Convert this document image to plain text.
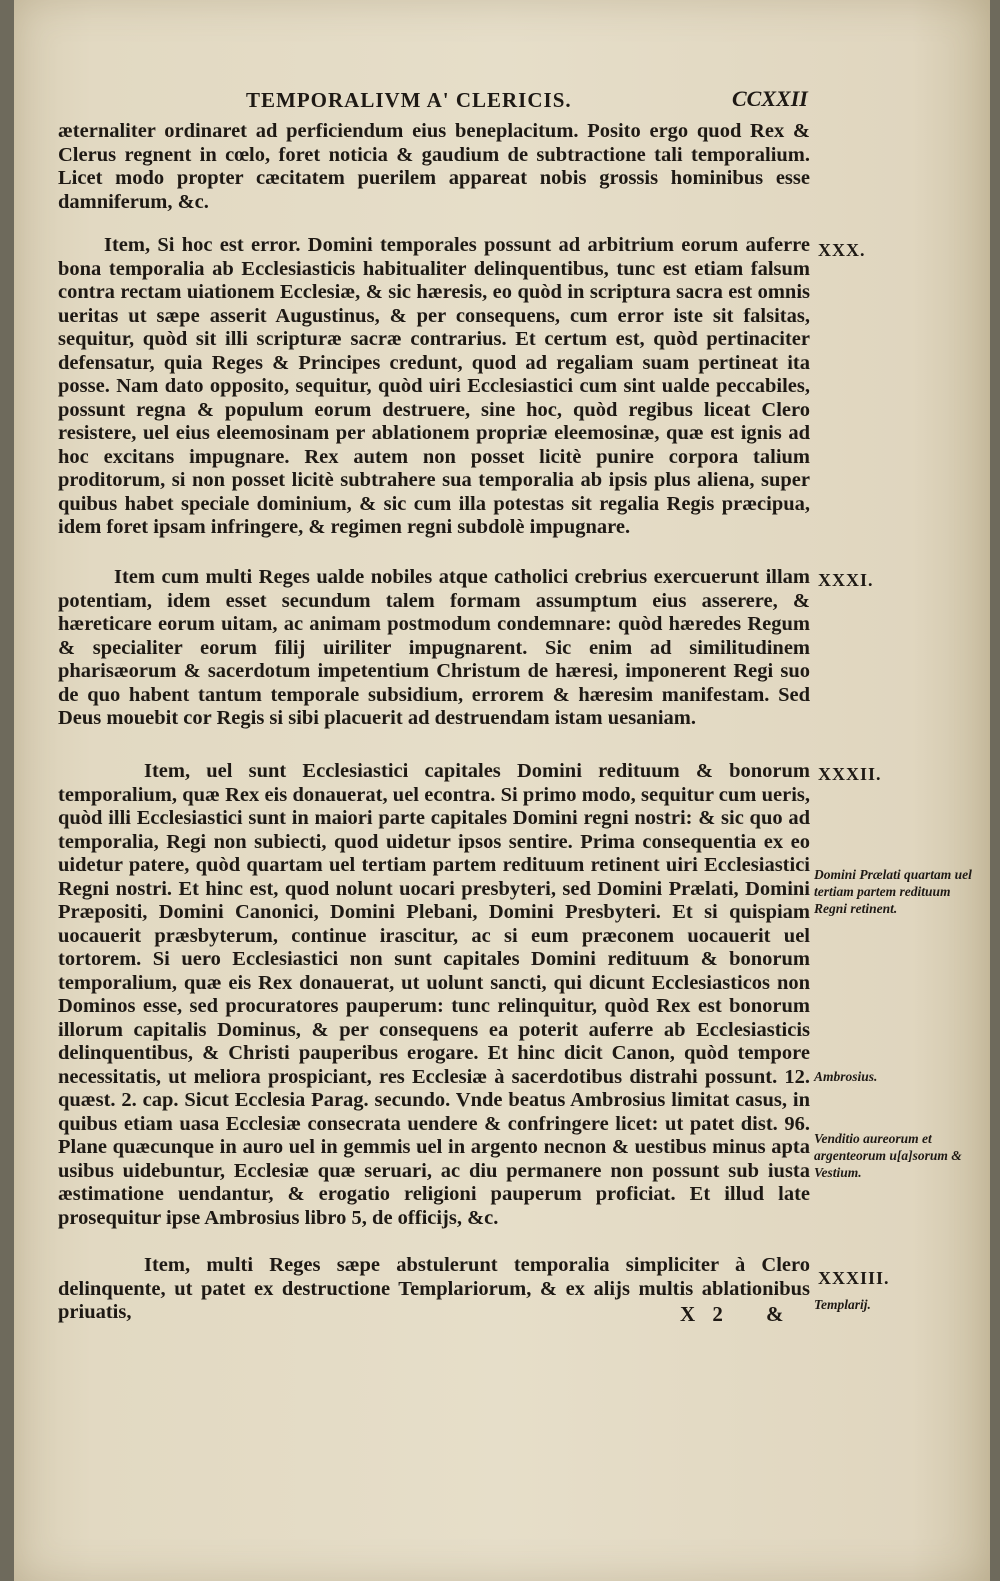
TEMPORALIVM A' CLERICIS.	CCXXII

æternaliter ordinaret ad perficiendum eius beneplacitum. Posito ergo quod Rex & Clerus regnent in cœlo, foret noticia & gaudium de subtractione tali temporalium. Licet modo propter cæcitatem puerilem appareat nobis grossis hominibus esse damniferum, &c.

XXX.

Item, Si hoc est error. Domini temporales possunt ad arbitrium eorum auferre bona temporalia ab Ecclesiasticis habitualiter delinquentibus, tunc est etiam falsum contra rectam uiationem Ecclesiæ, & sic hæresis, eo quòd in scriptura sacra est omnis ueritas ut sæpe asserit Augustinus, & per consequens, cum error iste sit falsitas, sequitur, quòd sit illi scripturæ sacræ contrarius. Et certum est, quòd pertinaciter defensatur, quia Reges & Principes credunt, quod ad regaliam suam pertineat ita posse. Nam dato opposito, sequitur, quòd uiri Ecclesiastici cum sint ualde peccabiles, possunt regna & populum eorum destruere, sine hoc, quòd regibus liceat Clero resistere, uel eius eleemosinam per ablationem propriæ eleemosinæ, quæ est ignis ad hoc excitans impugnare. Rex autem non posset licitè punire corpora talium proditorum, si non posset licitè subtrahere sua temporalia ab ipsis plus aliena, super quibus habet speciale dominium, & sic cum illa potestas sit regalia Regis præcipua, idem foret ipsam infringere, & regimen regni subdolè impugnare.

XXXI.

Item cum multi Reges ualde nobiles atque catholici crebrius exercuerunt illam potentiam, idem esset secundum talem formam assumptum eius asserere, & hæreticare eorum uitam, ac animam postmodum condemnare: quòd hæredes Regum & specialiter eorum filij uiriliter impugnarent. Sic enim ad similitudinem pharisæorum & sacerdotum impetentium Christum de hæresi, imponerent Regi suo de quo habent tantum temporale subsidium, errorem & hæresim manifestam. Sed Deus mouebit cor Regis si sibi placuerit ad destruendam istam uesaniam.

XXXII.

Item, uel sunt Ecclesiastici capitales Domini redituum & bonorum temporalium, quæ Rex eis donauerat, uel econtra. Si primo modo, sequitur cum ueris, quòd illi Ecclesiastici sunt in maiori parte capitales Domini regni nostri: & sic quo ad temporalia, Regi non subiecti, quod uidetur ipsos sentire. Prima consequentia ex eo uidetur patere, quòd quartam uel tertiam partem redituum retinent uiri Ecclesiastici Regni nostri. Et hinc est, quod nolunt uocari presbyteri, sed Domini Prælati, Domini Præpositi, Domini Canonici, Domini Plebani, Domini Presbyteri. Et si quispiam uocauerit præsbyterum, continue irascitur, ac si eum præconem uocauerit uel tortorem. Si uero Ecclesiastici non sunt capitales Domini redituum & bonorum temporalium, quæ eis Rex donauerat, ut uolunt sancti, qui dicunt Ecclesiasticos non Dominos esse, sed procuratores pauperum: tunc relinquitur, quòd Rex est bonorum illorum capitalis Dominus, & per consequens ea poterit auferre ab Ecclesiasticis delinquentibus, & Christi pauperibus erogare. Et hinc dicit Canon, quòd tempore necessitatis, ut meliora prospiciant, res Ecclesiæ à sacerdotibus distrahi possunt. 12. quæst. 2. cap. Sicut Ecclesia Parag. secundo. Vnde beatus Ambrosius limitat casus, in quibus etiam uasa Ecclesiæ consecrata uendere & confringere licet: ut patet dist. 96. Plane quæcunque in auro uel in gemmis uel in argento necnon & uestibus minus apta usibus uidebuntur, Ecclesiæ quæ seruari, ac diu permanere non possunt sub iusta æstimatione uendantur, & erogatio religioni pauperum proficiat. Et illud late prosequitur ipse Ambrosius libro 5, de officijs, &c.

XXXIII.

Item, multi Reges sæpe abstulerunt temporalia simpliciter à Clero delinquente, ut patet ex destructione Templariorum, & ex alijs multis ablationibus priuatis,

Domini Prælati quartam uel tertiam partem redituum Regni retinent.
Ambrosius.
Venditio aureorum et argenteorum u[a]sorum & Vestium.
Templarij.
X 2 &
